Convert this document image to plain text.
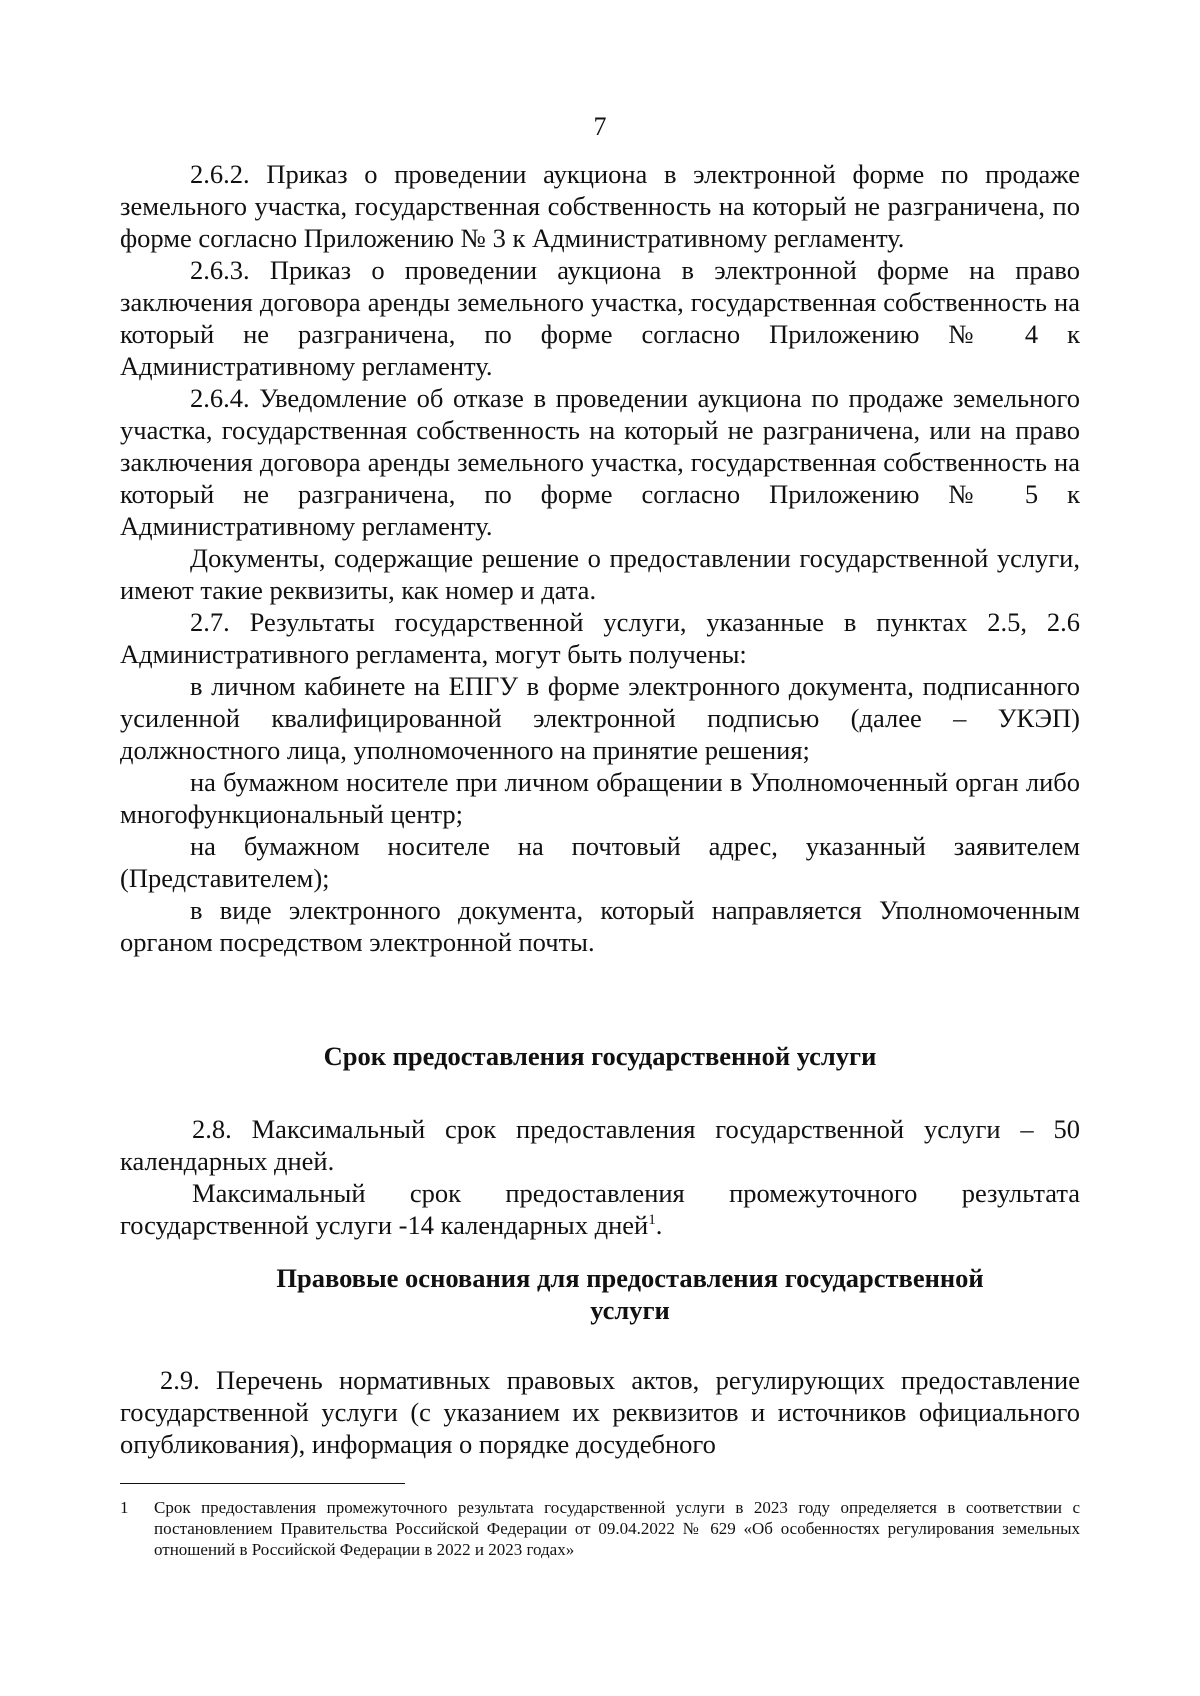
7

2.6.2. Приказ о проведении аукциона в электронной форме по продаже земельного участка, государственная собственность на который не разграничена, по форме согласно Приложению № 3 к Административному регламенту.

2.6.3. Приказ о проведении аукциона в электронной форме на право заключения договора аренды земельного участка, государственная собственность на который не разграничена, по форме согласно Приложению № 4 к Административному регламенту.

2.6.4. Уведомление об отказе в проведении аукциона по продаже земельного участка, государственная собственность на который не разграничена, или на право заключения договора аренды земельного участка, государственная собственность на который не разграничена, по форме согласно Приложению № 5 к Административному регламенту.

Документы, содержащие решение о предоставлении государственной услуги, имеют такие реквизиты, как номер и дата.

2.7. Результаты государственной услуги, указанные в пунктах 2.5, 2.6 Административного регламента, могут быть получены:

в личном кабинете на ЕПГУ в форме электронного документа, подписанного усиленной квалифицированной электронной подписью (далее – УКЭП) должностного лица, уполномоченного на принятие решения;

на бумажном носителе при личном обращении в Уполномоченный орган либо многофункциональный центр;

на бумажном носителе на почтовый адрес, указанный заявителем (Представителем);

в виде электронного документа, который направляется Уполномоченным органом посредством электронной почты.

Срок предоставления государственной услуги

2.8. Максимальный срок предоставления государственной услуги – 50 календарных дней.

Максимальный срок предоставления промежуточного результата государственной услуги -14 календарных дней$^1$.

Правовые основания для предоставления государственной
услуги

2.9. Перечень нормативных правовых актов, регулирующих предоставление государственной услуги (с указанием их реквизитов и источников официального опубликования), информация о порядке досудебного

1 Срок предоставления промежуточного результата государственной услуги в 2023 году определяется в соответствии с постановлением Правительства Российской Федерации от 09.04.2022 № 629 «Об особенностях регулирования земельных отношений в Российской Федерации в 2022 и 2023 годах»
